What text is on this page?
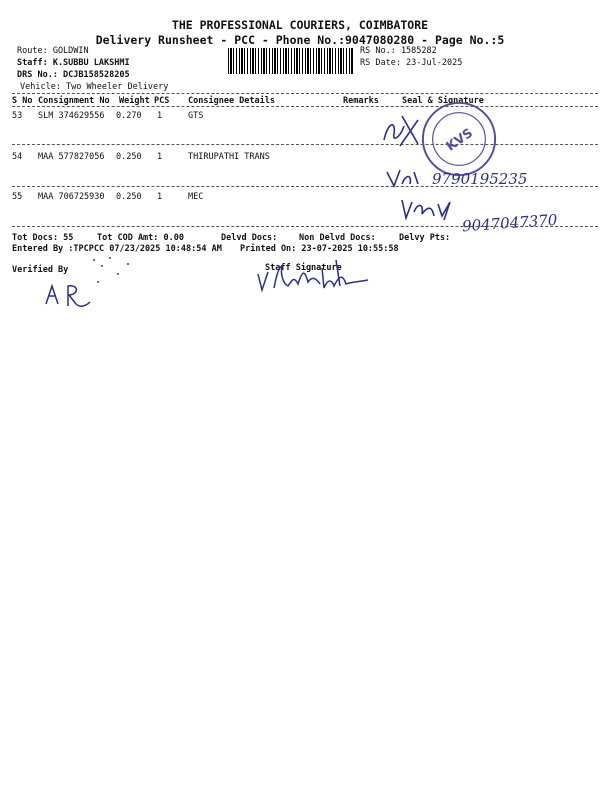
THE PROFESSIONAL COURIERS, COIMBATORE
Delivery Runsheet - PCC - Phone No.:9047080280 - Page No.:5
Route: GOLDWIN
Staff: K.SUBBU LAKSHMI
DRS No.: DCJB158528205
Vehicle: Two Wheeler Delivery
RS No.: 1585282
RS Date: 23-Jul-2025
S No Consignment No Weight PCS Consignee Details	Remarks	Seal & Signature
53 SLM 374629556 0.270 1	GTS
54 MAA 577827056 0.250 1	THIRUPATHI TRANS
55 MAA 706725930 0.250 1	MEC
KVS
9790195235
9047047370
Tot Docs: 55	Tot COD Amt: 0.00	Delvd Docs:	Non Delvd Docs:	Delvy Pts:
Entered By :TPCPCC 07/23/2025 10:48:54 AM Printed On: 23-07-2025 10:55:58
Verified By	Staff Signature
